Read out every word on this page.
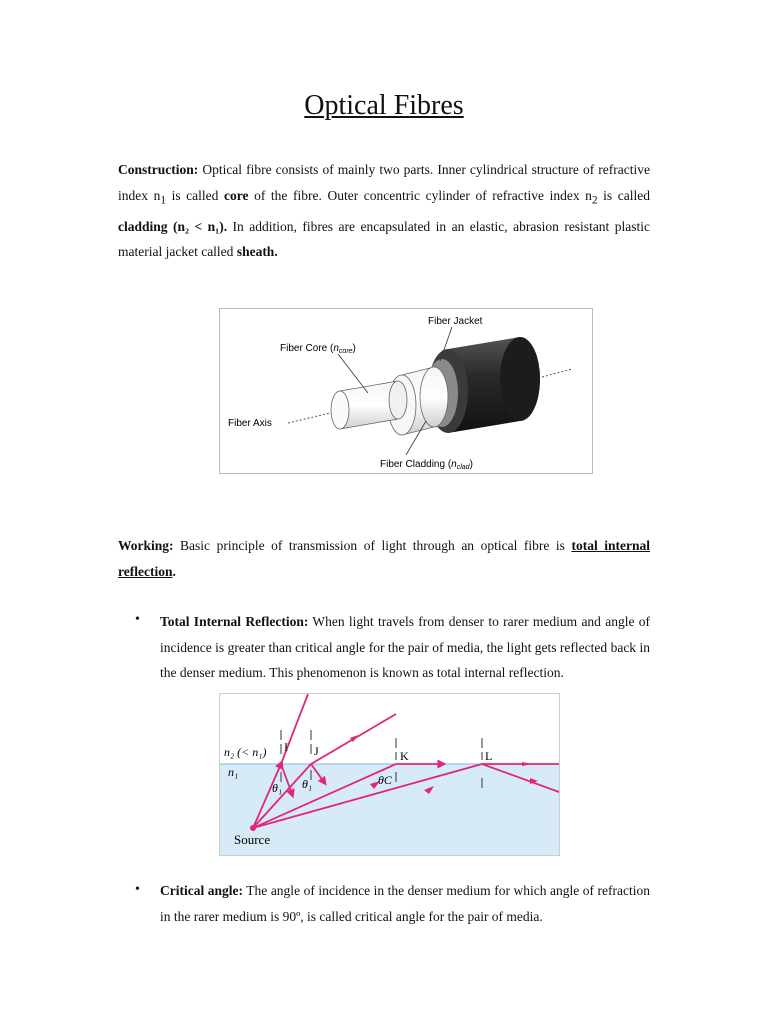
Optical Fibres
Construction: Optical fibre consists of mainly two parts. Inner cylindrical structure of refractive index $n_1$ is called core of the fibre. Outer concentric cylinder of refractive index $n_2$ is called cladding (n₂ < n₁). In addition, fibres are encapsulated in an elastic, abrasion resistant plastic material jacket called sheath.
Fiber Jacket
Fiber Core $(n_{core})$
Fiber Axis
Fiber Cladding $(n_{clad})$
Working: Basic principle of transmission of light through an optical fibre is total internal reflection.
• Total Internal Reflection: When light travels from denser to rarer medium and angle of incidence is greater than critical angle for the pair of media, the light gets reflected back in the denser medium. This phenomenon is known as total internal reflection.
n₂ (< n₁)
n₁
I J	K	L
θ₁ θ₁	θC
Source
• Critical angle: The angle of incidence in the denser medium for which angle of refraction in the rarer medium is 90º, is called critical angle for the pair of media.
